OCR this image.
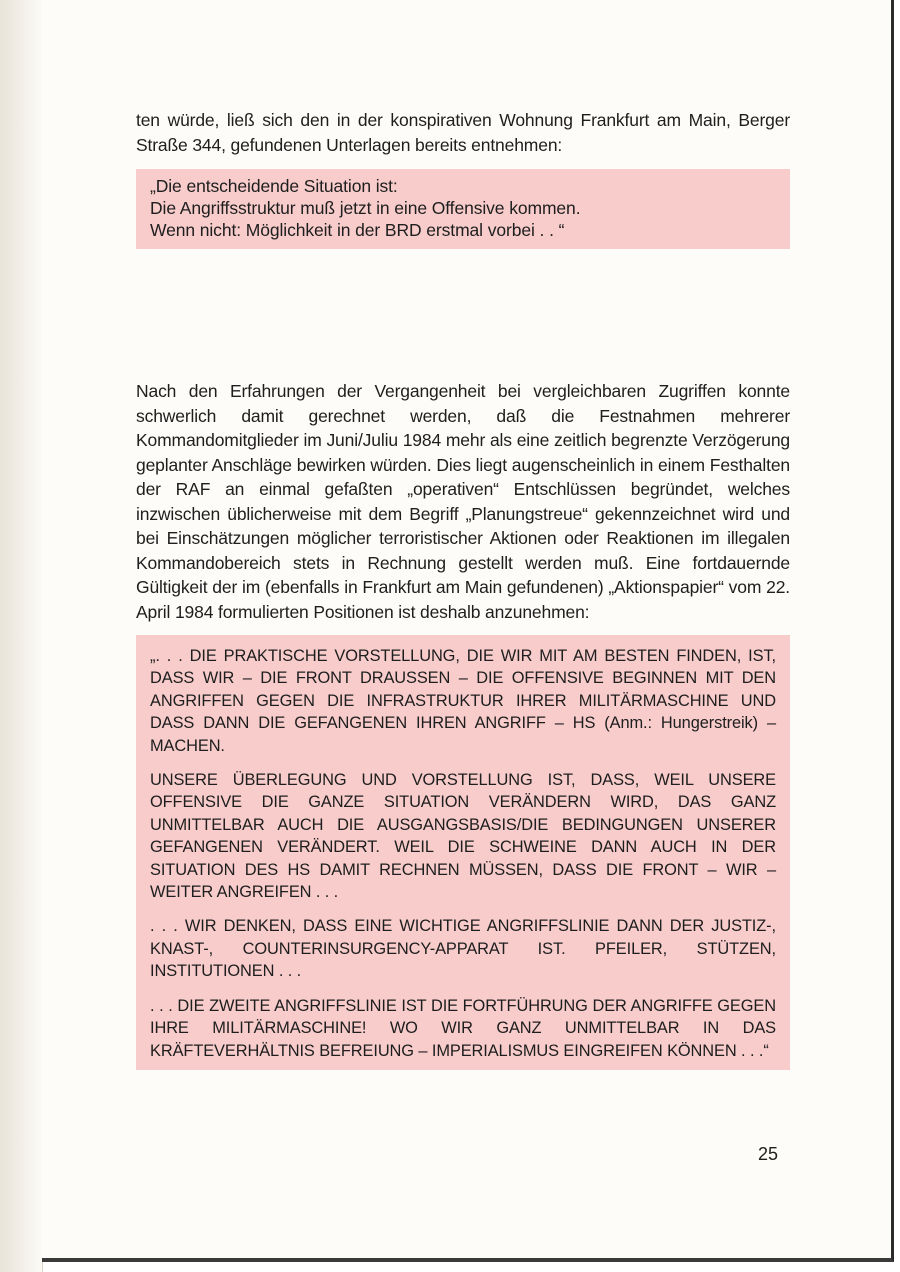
ten würde, ließ sich den in der konspirativen Wohnung Frankfurt am Main, Berger Straße 344, gefundenen Unterlagen bereits entnehmen:

„Die entscheidende Situation ist:

Die Angriffsstruktur muß jetzt in eine Offensive kommen.

Wenn nicht: Möglichkeit in der BRD erstmal vorbei . . “

Nach den Erfahrungen der Vergangenheit bei vergleichbaren Zugriffen konnte schwerlich damit gerechnet werden, daß die Festnahmen mehrerer Kommandomitglieder im Juni/Juliu 1984 mehr als eine zeitlich begrenzte Verzögerung geplanter Anschläge bewirken würden. Dies liegt augenscheinlich in einem Festhalten der RAF an einmal gefaßten „operativen“ Entschlüssen begründet, welches inzwischen üblicherweise mit dem Begriff „Planungstreue“ gekennzeichnet wird und bei Einschätzungen möglicher terroristischer Aktionen oder Reaktionen im illegalen Kommandobereich stets in Rechnung gestellt werden muß. Eine fortdauernde Gültigkeit der im (ebenfalls in Frankfurt am Main gefundenen) „Aktionspapier“ vom 22. April 1984 formulierten Positionen ist deshalb anzunehmen:

„. . . DIE PRAKTISCHE VORSTELLUNG, DIE WIR MIT AM BESTEN FINDEN, IST, DASS WIR – DIE FRONT DRAUSSEN – DIE OFFENSIVE BEGINNEN MIT DEN ANGRIFFEN GEGEN DIE INFRASTRUKTUR IHRER MILITÄRMASCHINE UND DASS DANN DIE GEFANGENEN IHREN ANGRIFF – HS (Anm.: Hungerstreik) – MACHEN.

UNSERE ÜBERLEGUNG UND VORSTELLUNG IST, DASS, WEIL UNSERE OFFENSIVE DIE GANZE SITUATION VERÄNDERN WIRD, DAS GANZ UNMITTELBAR AUCH DIE AUSGANGSBASIS/DIE BEDINGUNGEN UNSERER GEFANGENEN VERÄNDERT. WEIL DIE SCHWEINE DANN AUCH IN DER SITUATION DES HS DAMIT RECHNEN MÜSSEN, DASS DIE FRONT – WIR – WEITER ANGREIFEN . . .

. . . WIR DENKEN, DASS EINE WICHTIGE ANGRIFFSLINIE DANN DER JUSTIZ-, KNAST-, COUNTERINSURGENCY-APPARAT IST. PFEILER, STÜTZEN, INSTITUTIONEN . . .

. . . DIE ZWEITE ANGRIFFSLINIE IST DIE FORTFÜHRUNG DER ANGRIFFE GEGEN IHRE MILITÄRMASCHINE! WO WIR GANZ UNMITTELBAR IN DAS KRÄFTEVERHÄLTNIS BEFREIUNG – IMPERIALISMUS EINGREIFEN KÖNNEN . . .“

25
